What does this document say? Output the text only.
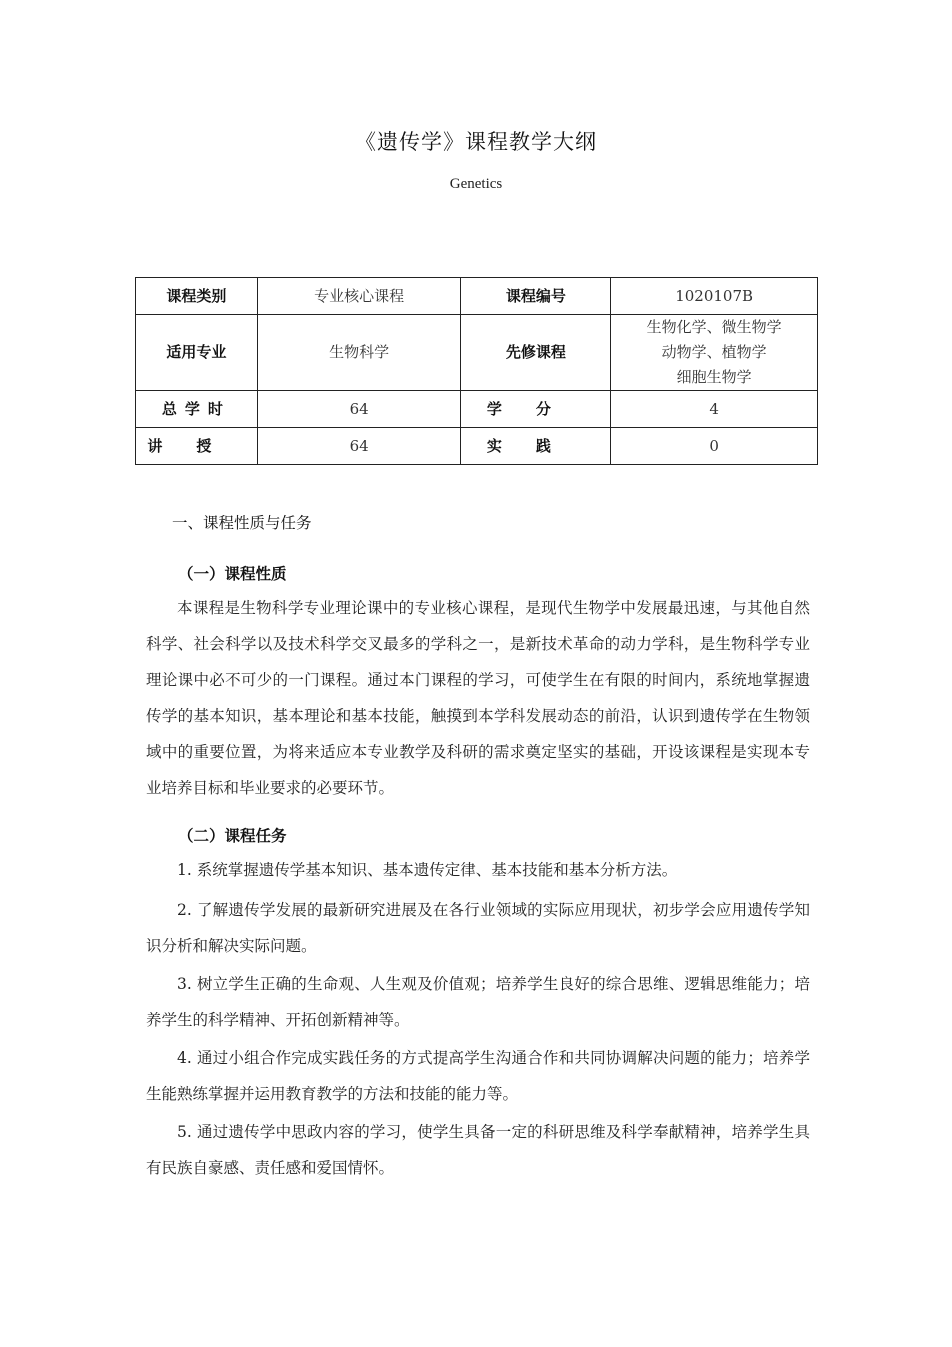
《遗传学》课程教学大纲
Genetics
课程类别	专业核心课程	课程编号	1020107B
适用专业	生物科学	先修课程	生物化学、微生物学
动物学、植物学
细胞生物学

总学时	64	学分	4
讲授	64	实践	0
一、课程性质与任务
（一）课程性质
本课程是生物科学专业理论课中的专业核心课程，是现代生物学中发展最迅速，与其他自然科学、社会科学以及技术科学交叉最多的学科之一，是新技术革命的动力学科，是生物科学专业理论课中必不可少的一门课程。通过本门课程的学习，可使学生在有限的时间内，系统地掌握遗传学的基本知识，基本理论和基本技能，触摸到本学科发展动态的前沿，认识到遗传学在生物领域中的重要位置，为将来适应本专业教学及科研的需求奠定坚实的基础，开设该课程是实现本专业培养目标和毕业要求的必要环节。
（二）课程任务
1. 系统掌握遗传学基本知识、基本遗传定律、基本技能和基本分析方法。
2. 了解遗传学发展的最新研究进展及在各行业领域的实际应用现状，初步学会应用遗传学知识分析和解决实际问题。
3. 树立学生正确的生命观、人生观及价值观；培养学生良好的综合思维、逻辑思维能力；培养学生的科学精神、开拓创新精神等。
4. 通过小组合作完成实践任务的方式提高学生沟通合作和共同协调解决问题的能力；培养学生能熟练掌握并运用教育教学的方法和技能的能力等。
5. 通过遗传学中思政内容的学习，使学生具备一定的科研思维及科学奉献精神，培养学生具有民族自豪感、责任感和爱国情怀。
